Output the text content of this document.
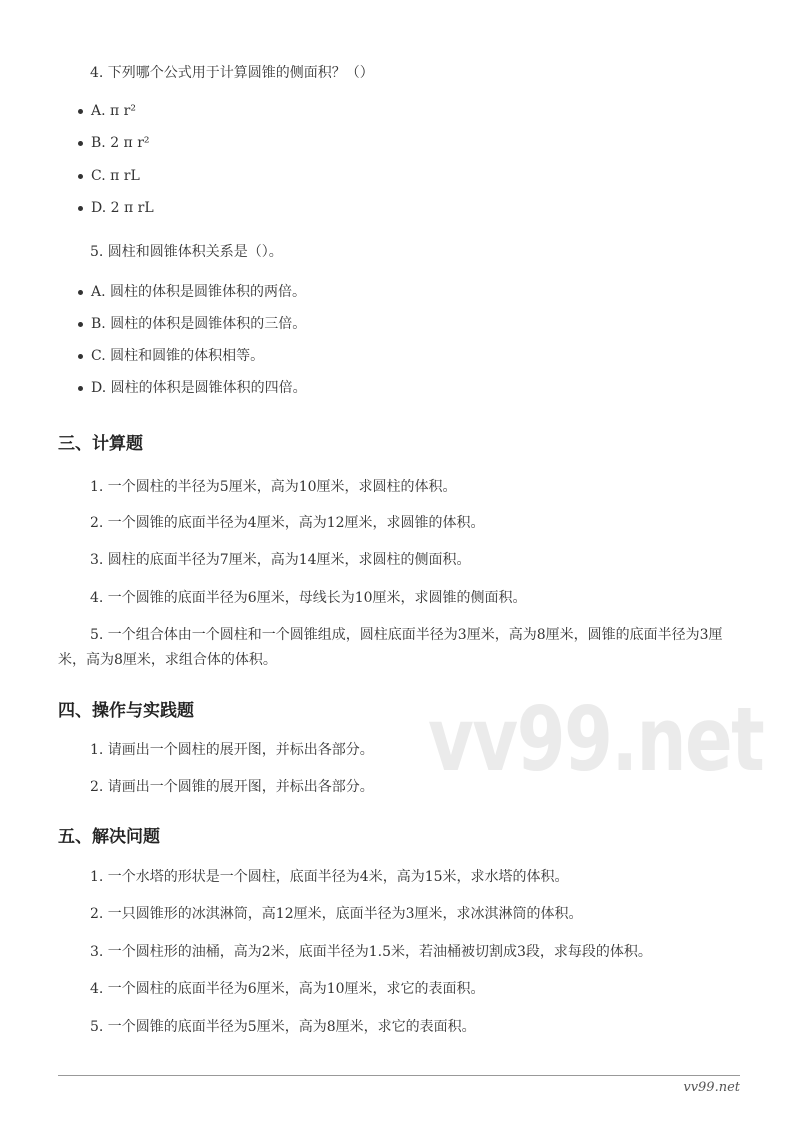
vv99.net
4. 下列哪个公式用于计算圆锥的侧面积？（）
A. π r²
B. 2 π r²
C. π rL
D. 2 π rL
5. 圆柱和圆锥体积关系是（）。
A. 圆柱的体积是圆锥体积的两倍。
B. 圆柱的体积是圆锥体积的三倍。
C. 圆柱和圆锥的体积相等。
D. 圆柱的体积是圆锥体积的四倍。
三、计算题
1. 一个圆柱的半径为5厘米，高为10厘米，求圆柱的体积。
2. 一个圆锥的底面半径为4厘米，高为12厘米，求圆锥的体积。
3. 圆柱的底面半径为7厘米，高为14厘米，求圆柱的侧面积。
4. 一个圆锥的底面半径为6厘米，母线长为10厘米，求圆锥的侧面积。
5. 一个组合体由一个圆柱和一个圆锥组成，圆柱底面半径为3厘米，高为8厘米，圆锥的底面半径为3厘米，高为8厘米，求组合体的体积。
四、操作与实践题
1. 请画出一个圆柱的展开图，并标出各部分。
2. 请画出一个圆锥的展开图，并标出各部分。
五、解决问题
1. 一个水塔的形状是一个圆柱，底面半径为4米，高为15米，求水塔的体积。
2. 一只圆锥形的冰淇淋筒，高12厘米，底面半径为3厘米，求冰淇淋筒的体积。
3. 一个圆柱形的油桶，高为2米，底面半径为1.5米，若油桶被切割成3段，求每段的体积。
4. 一个圆柱的底面半径为6厘米，高为10厘米，求它的表面积。
5. 一个圆锥的底面半径为5厘米，高为8厘米，求它的表面积。
vv99.net
